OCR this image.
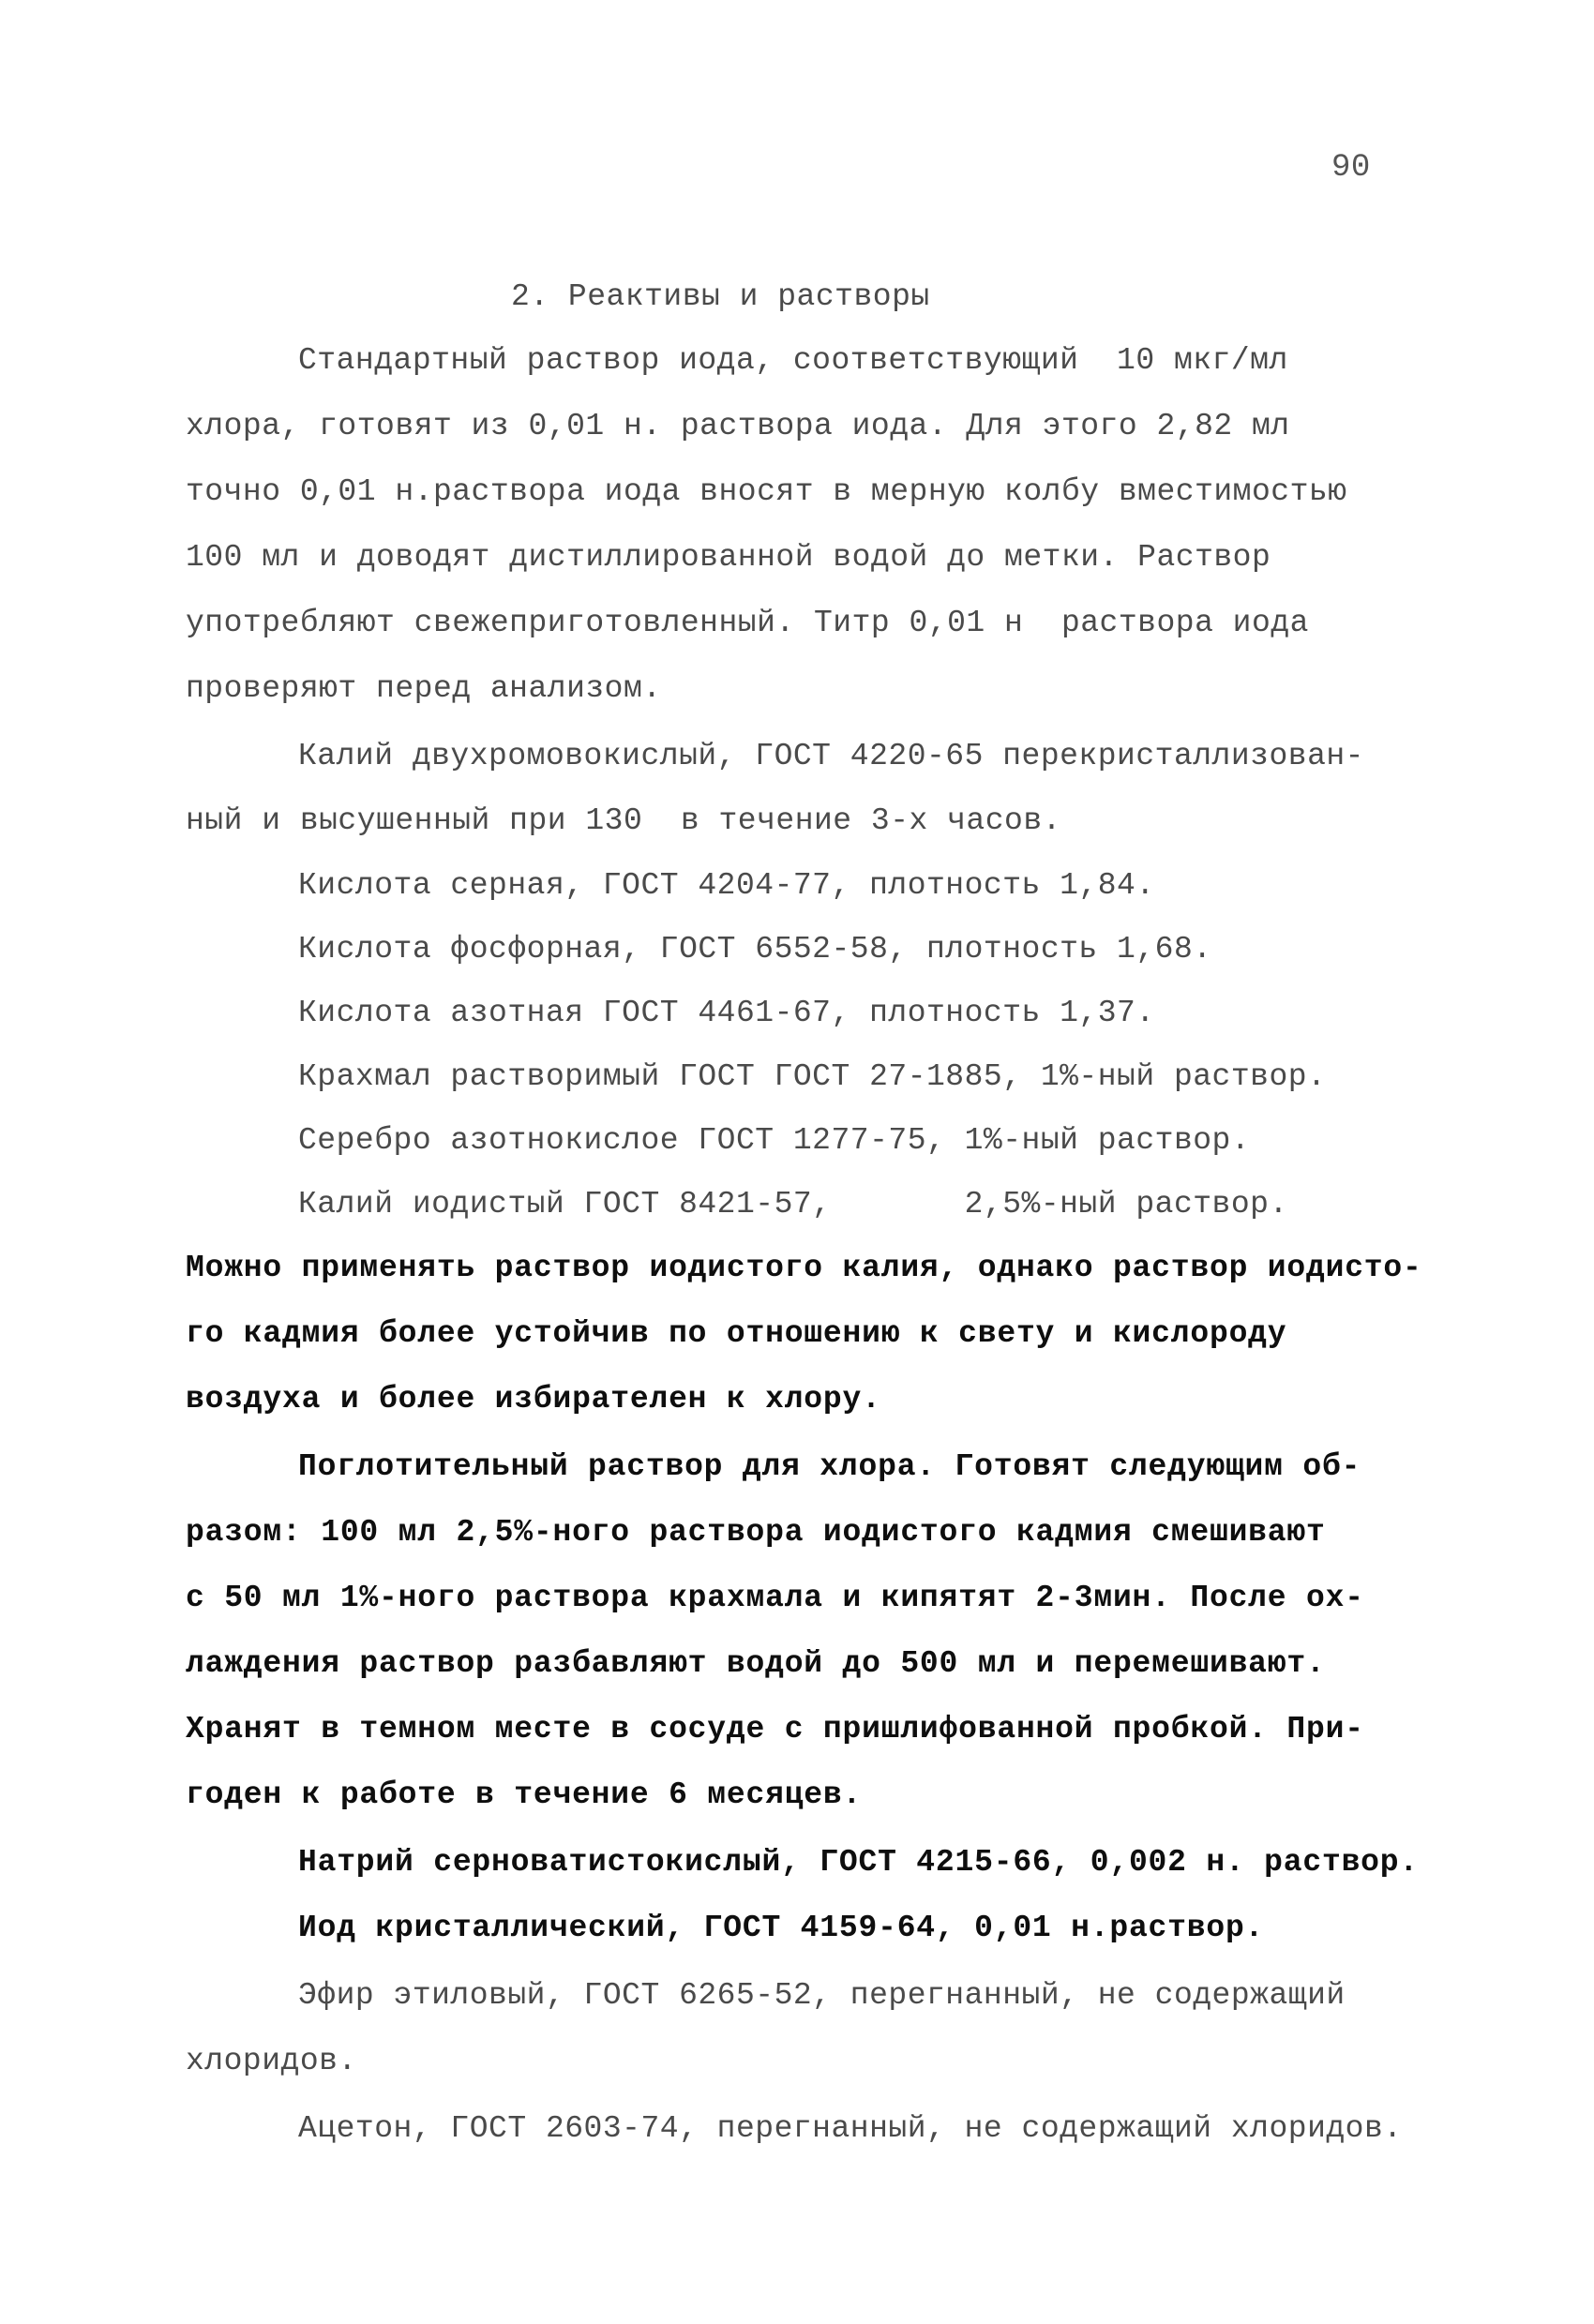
90
2. Реактивы и растворы
Стандартный раствор иода, соответствующий  10 мкг/мл
хлора, готовят из 0,01 н. раствора иода. Для этого 2,82 мл
точно 0,01 н.раствора иода вносят в мерную колбу вместимостью
100 мл и доводят дистиллированной водой до метки. Раствор
употребляют свежеприготовленный. Титр 0,01 н  раствора иода
проверяют перед анализом.
Калий двухромовокислый, ГОСТ 4220-65 перекристаллизован-
ный и высушенный при 130  в течение 3-х часов.
Кислота серная, ГОСТ 4204-77, плотность 1,84.
Кислота фосфорная, ГОСТ 6552-58, плотность 1,68.
Кислота азотная ГОСТ 4461-67, плотность 1,37.
Крахмал растворимый ГОСТ ГОСТ 27-1885, 1%-ный раствор.
Серебро азотнокислое ГОСТ 1277-75, 1%-ный раствор.
Калий иодистый ГОСТ 8421-57,       2,5%-ный раствор.
Можно применять раствор иодистого калия, однако раствор иодисто-
го кадмия более устойчив по отношению к свету и кислороду
воздуха и более избирателен к хлору.
Поглотительный раствор для хлора. Готовят следующим об-
разом: 100 мл 2,5%-ного раствора иодистого кадмия смешивают
с 50 мл 1%-ного раствора крахмала и кипятят 2-3мин. После ох-
лаждения раствор разбавляют водой до 500 мл и перемешивают.
Хранят в темном месте в сосуде с пришлифованной пробкой. При-
годен к работе в течение 6 месяцев.
Натрий серноватистокислый, ГОСТ 4215-66, 0,002 н. раствор.
Иод кристаллический, ГОСТ 4159-64, 0,01 н.раствор.
Эфир этиловый, ГОСТ 6265-52, перегнанный, не содержащий
хлоридов.
Ацетон, ГОСТ 2603-74, перегнанный, не содержащий хлоридов.
